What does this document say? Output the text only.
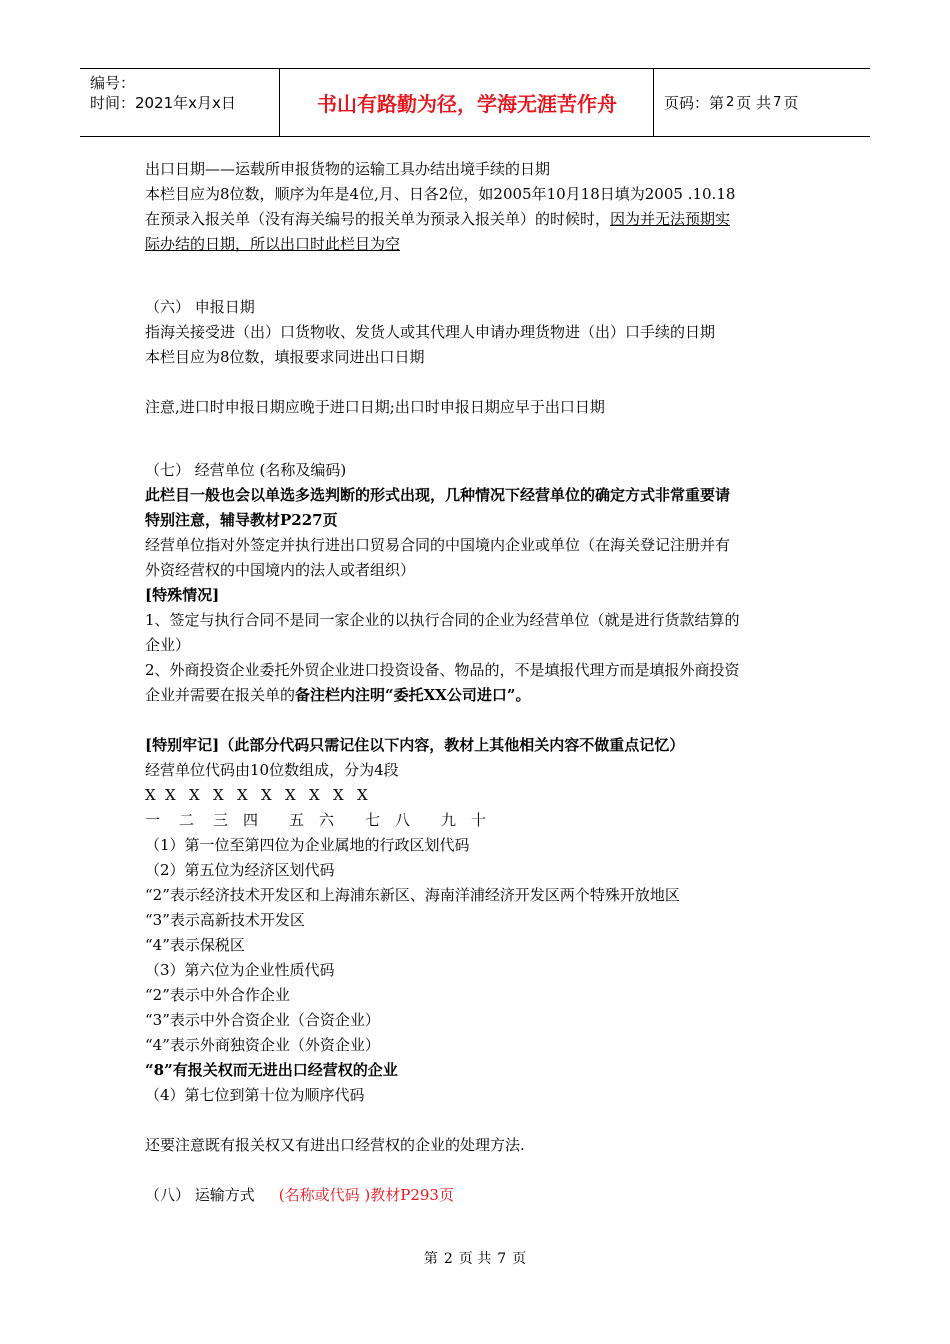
编号：
时间：2021年x月x日	书山有路勤为径，学海无涯苦作舟	页码：第 2 页 共 7 页
出口日期——运载所申报货物的运输工具办结出境手续的日期
本栏目应为8位数，顺序为年是4位,月、日各2位，如2005年10月18日填为2005 .10.18
在预录入报关单（没有海关编号的报关单为预录入报关单）的时候时，因为并无法预期实
际办结的日期，所以出口时此栏目为空
（六） 申报日期
指海关接受进（出）口货物收、发货人或其代理人申请办理货物进（出）口手续的日期
本栏目应为8位数，填报要求同进出口日期
注意,进口时申报日期应晚于进口日期;出口时申报日期应早于出口日期
（七） 经营单位 (名称及编码)
此栏目一般也会以单选多选判断的形式出现，几种情况下经营单位的确定方式非常重要请
特别注意，辅导教材P227页
经营单位指对外签定并执行进出口贸易合同的中国境内企业或单位（在海关登记注册并有
外资经营权的中国境内的法人或者组织）
[特殊情况]
1、签定与执行合同不是同一家企业的以执行合同的企业为经营单位（就是进行货款结算的
企业）
2、外商投资企业委托外贸企业进口投资设备、物品的，不是填报代理方而是填报外商投资
企业并需要在报关单的备注栏内注明“委托XX公司进口”。
[特别牢记]（此部分代码只需记住以下内容，教材上其他相关内容不做重点记忆）
经营单位代码由10位数组成，分为4段
X X X X X X X X X X
一 二 三 四 五 六 七 八 九 十
（1）第一位至第四位为企业属地的行政区划代码
（2）第五位为经济区划代码
“2”表示经济技术开发区和上海浦东新区、海南洋浦经济开发区两个特殊开放地区
“3”表示高新技术开发区
“4”表示保税区
（3）第六位为企业性质代码
“2”表示中外合作企业
“3”表示中外合资企业（合资企业）
“4”表示外商独资企业（外资企业）
“8”有报关权而无进出口经营权的企业
（4）第七位到第十位为顺序代码
还要注意既有报关权又有进出口经营权的企业的处理方法.
（八） 运输方式 (名称或代码 )教材P293页
第 2 页 共 7 页
